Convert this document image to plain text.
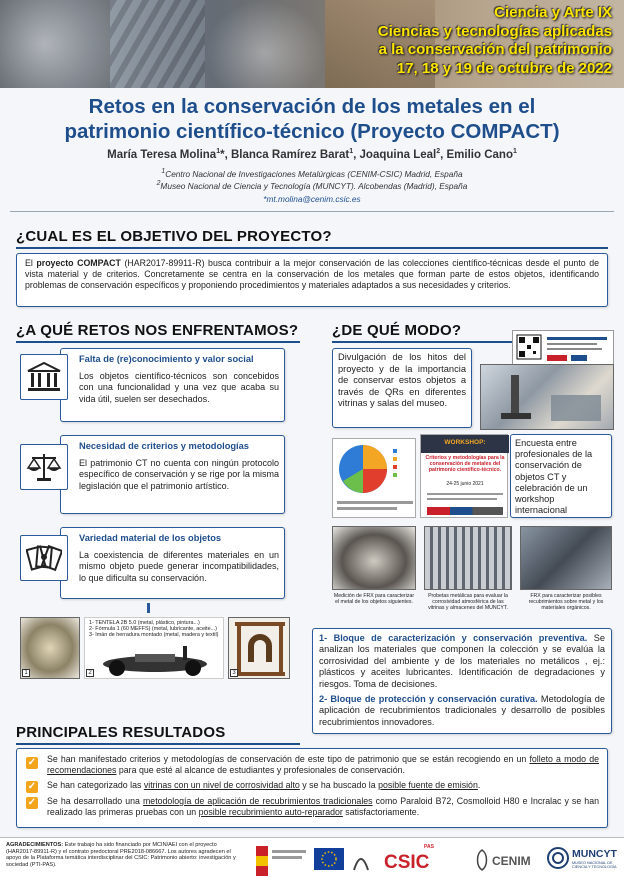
Ciencia y Arte IX
Ciencias y tecnologías aplicadas
a la conservación del patrimonio
17, 18 y 19 de octubre de 2022
Retos en la conservación de los metales en el
patrimonio científico-técnico (Proyecto COMPACT)
María Teresa Molina$^1$*, Blanca Ramírez Barat$^1$, Joaquina Leal$^2$, Emilio Cano$^1$
$^1$Centro Nacional de Investigaciones Metalúrgicas (CENIM-CSIC) Madrid, España
$^2$Museo Nacional de Ciencia y Tecnología (MUNCYT). Alcobendas (Madrid), España
*mt.molina@cenim.csic.es
¿CUAL ES EL OBJETIVO DEL PROYECTO?
El proyecto COMPACT (HAR2017-89911-R) busca contribuir a la mejor conservación de las colecciones científico-técnicas desde el punto de vista material y de criterios. Concretamente se centra en la conservación de los metales que forman parte de estos objetos, identificando problemas de conservación específicos y proponiendo procedimientos y materiales adaptados a sus necesidades y criterios.
¿A QUÉ RETOS NOS ENFRENTAMOS?
Falta de (re)conocimiento y valor social
Los objetos científico-técnicos son concebidos con una funcionalidad y una vez que acaba su vida útil, suelen ser desechados.
Necesidad de criterios y metodologías
El patrimonio CT no cuenta con ningún protocolo específico de conservación y se rige por la misma legislación que el patrimonio artístico.
Variedad material de los objetos
La coexistencia de diferentes materiales en un mismo objeto puede generar incompatibilidades, lo que dificulta su conservación.
1
1- TENTELA 2B 5.0 (metal, plástico, pintura...)
2- Fórmula 1 (60 MEFFS) (metal, lubricante, aceite...)
3- Imán de herradura montado (metal, madera y textil)
2	3
¿DE QUÉ MODO?
Divulgación de los hitos del proyecto y de la importancia de conservar estos objetos a través de QRs en diferentes vitrinas y salas del museo.
WORKSHOP:
Criterios y metodologías para la conservación de metales del patrimonio científico-técnico.
24-25 junio 2021
Encuesta entre profesionales de la conservación de objetos CT y celebración de un workshop internacional
Medición de FRX para caracterizar el metal de los objetos siguientes.
Probetas metálicas para evaluar la corrosividad atmosférica de las vitrinas y almacenes del MUNCYT.
FRX para caracterizar posibles recubrimientos sobre metal y los materiales orgánicos.
1- Bloque de caracterización y conservación preventiva. Se analizan los materiales que componen la colección y se evalúa la corrosividad del ambiente y de los materiales no metálicos , ej.: plásticos y aceites lubricantes. Identificación de degradaciones y riesgos. Toma de decisiones.
2- Bloque de protección y conservación curativa. Metodología de aplicación de recubrimientos tradicionales y desarrollo de posibles recubrimientos innovadores.
PRINCIPALES RESULTADOS
✓ Se han manifestado criterios y metodologías de conservación de este tipo de patrimonio que se están recogiendo en un folleto a modo de recomendaciones para que esté al alcance de estudiantes y profesionales de conservación.
✓ Se han categorizado las vitrinas con un nivel de corrosividad alto y se ha buscado la posible fuente de emisión.
✓ Se ha desarrollado una metodología de aplicación de recubrimientos tradicionales como Paraloid B72, Cosmolloid H80 e Incralac y se han realizado las primeras pruebas con un posible recubrimiento auto-reparador satisfactoriamente.
AGRADECIMIENTOS: Este trabajo ha sido financiado por MCIN/AEI con el proyecto (HAR2017-89911-R) y el contrato predoctoral PRE2018-086667. Los autores agradecen el apoyo de la Plataforma temática interdisciplinar del CSIC: Patrimonio abierto: investigación y sociedad (PTI-PAS).
PAS
CSIC	CENIM	MUNCYT
MUSEO NACIONAL DE CIENCIA Y TECNOLOGÍA
